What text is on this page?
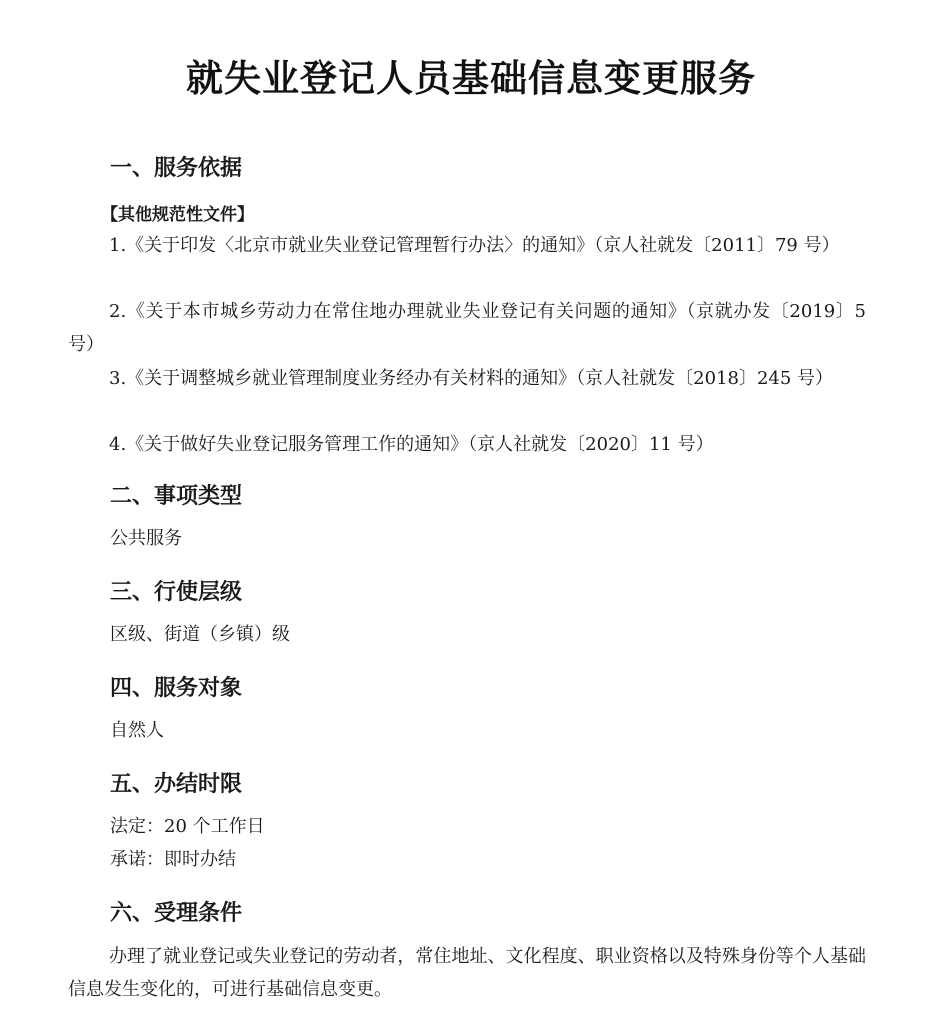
就失业登记人员基础信息变更服务
一、服务依据
【其他规范性文件】

1.《关于印发〈北京市就业失业登记管理暂行办法〉的通知》（京人社就发〔2011〕79 号）

2.《关于本市城乡劳动力在常住地办理就业失业登记有关问题的通知》（京就办发〔2019〕5 号）

3.《关于调整城乡就业管理制度业务经办有关材料的通知》（京人社就发〔2018〕245 号）

4.《关于做好失业登记服务管理工作的通知》（京人社就发〔2020〕11 号）

二、事项类型

公共服务

三、行使层级

区级、街道（乡镇）级

四、服务对象

自然人

五、办结时限

法定：20 个工作日

承诺：即时办结

六、受理条件

办理了就业登记或失业登记的劳动者，常住地址、文化程度、职业资格以及特殊身份等个人基础信息发生变化的，可进行基础信息变更。
